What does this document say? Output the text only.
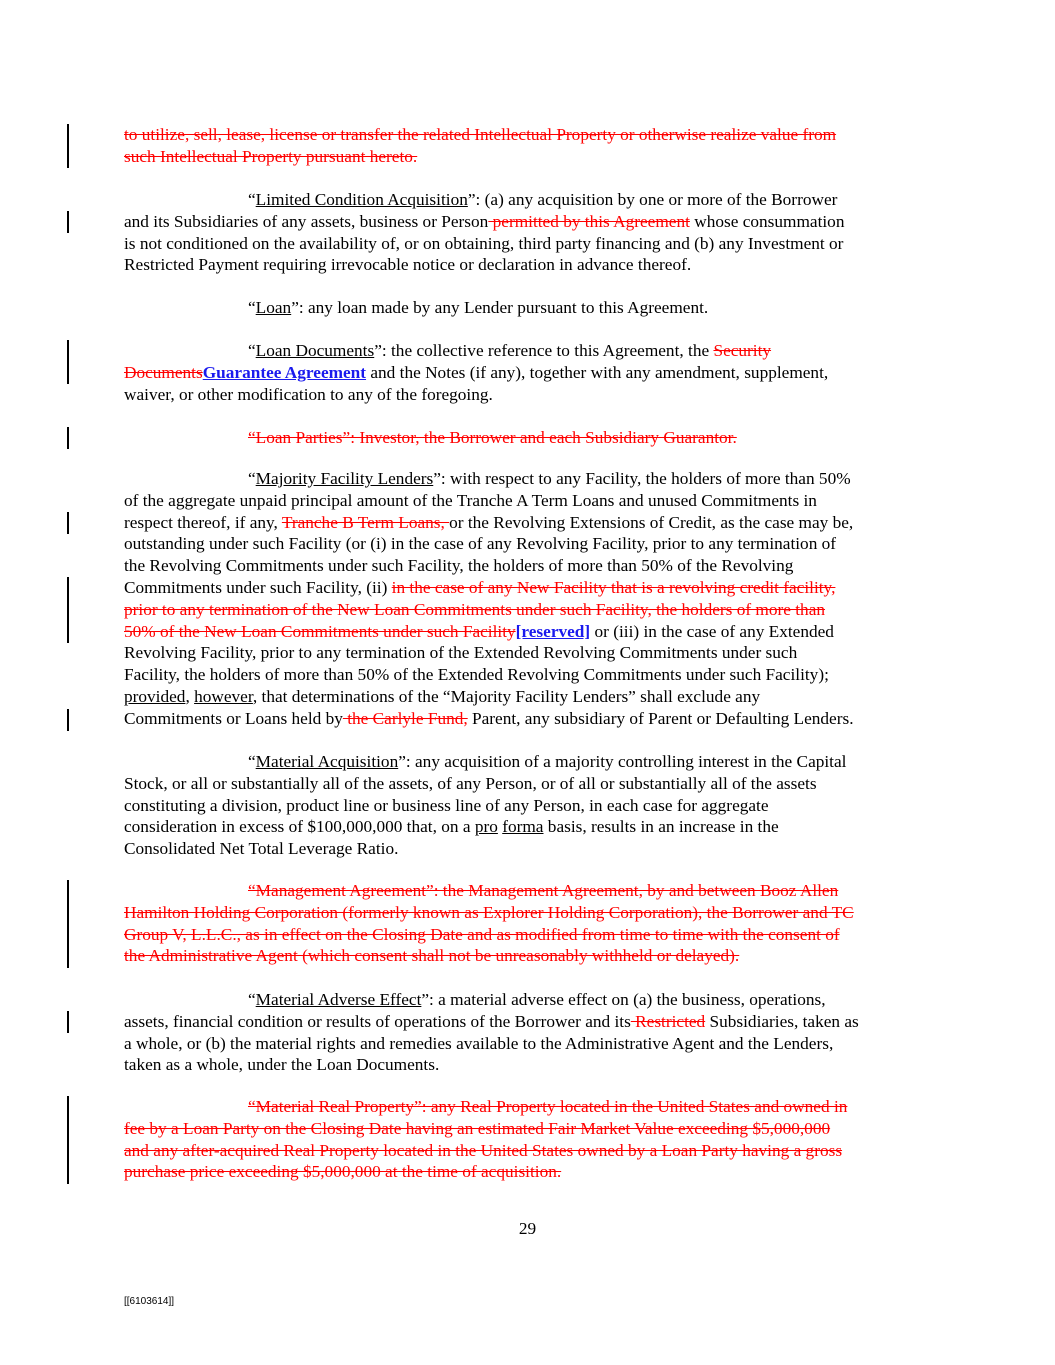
to utilize, sell, lease, license or transfer the related Intellectual Property or otherwise realize value from
such Intellectual Property pursuant hereto.
“Limited Condition Acquisition”: (a) any acquisition by one or more of the Borrower
and its Subsidiaries of any assets, business or Person permitted by this Agreement whose consummation
is not conditioned on the availability of, or on obtaining, third party financing and (b) any Investment or
Restricted Payment requiring irrevocable notice or declaration in advance thereof.
“Loan”: any loan made by any Lender pursuant to this Agreement.
“Loan Documents”: the collective reference to this Agreement, the Security
DocumentsGuarantee Agreement and the Notes (if any), together with any amendment, supplement,
waiver, or other modification to any of the foregoing.
“Loan Parties”: Investor, the Borrower and each Subsidiary Guarantor.
“Majority Facility Lenders”: with respect to any Facility, the holders of more than 50%
of the aggregate unpaid principal amount of the Tranche A Term Loans and unused Commitments in
respect thereof, if any, Tranche B Term Loans, or the Revolving Extensions of Credit, as the case may be,
outstanding under such Facility (or (i) in the case of any Revolving Facility, prior to any termination of
the Revolving Commitments under such Facility, the holders of more than 50% of the Revolving
Commitments under such Facility, (ii) in the case of any New Facility that is a revolving credit facility,
prior to any termination of the New Loan Commitments under such Facility, the holders of more than
50% of the New Loan Commitments under such Facility[reserved] or (iii) in the case of any Extended
Revolving Facility, prior to any termination of the Extended Revolving Commitments under such
Facility, the holders of more than 50% of the Extended Revolving Commitments under such Facility);
provided, however, that determinations of the “Majority Facility Lenders” shall exclude any
Commitments or Loans held by the Carlyle Fund, Parent, any subsidiary of Parent or Defaulting Lenders.
“Material Acquisition”: any acquisition of a majority controlling interest in the Capital
Stock, or all or substantially all of the assets, of any Person, or of all or substantially all of the assets
constituting a division, product line or business line of any Person, in each case for aggregate
consideration in excess of $100,000,000 that, on a pro forma basis, results in an increase in the
Consolidated Net Total Leverage Ratio.
“Management Agreement”: the Management Agreement, by and between Booz Allen
Hamilton Holding Corporation (formerly known as Explorer Holding Corporation), the Borrower and TC
Group V, L.L.C., as in effect on the Closing Date and as modified from time to time with the consent of
the Administrative Agent (which consent shall not be unreasonably withheld or delayed).
“Material Adverse Effect”: a material adverse effect on (a) the business, operations,
assets, financial condition or results of operations of the Borrower and its Restricted Subsidiaries, taken as
a whole, or (b) the material rights and remedies available to the Administrative Agent and the Lenders,
taken as a whole, under the Loan Documents.
“Material Real Property”: any Real Property located in the United States and owned in
fee by a Loan Party on the Closing Date having an estimated Fair Market Value exceeding $5,000,000
and any after-acquired Real Property located in the United States owned by a Loan Party having a gross
purchase price exceeding $5,000,000 at the time of acquisition.
29
[[6103614]]
